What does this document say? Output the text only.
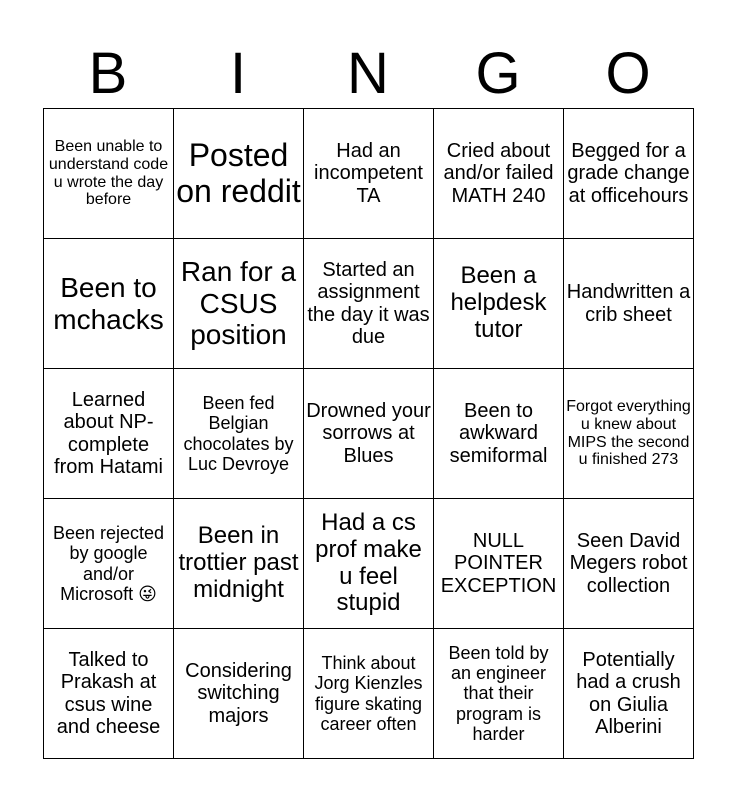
B	I	N	G	O
Been unable to understand code u wrote the day before	Posted on reddit	Had an incompetent TA	Cried about and/or failed MATH 240	Begged for a grade change at officehours
Been to mchacks	Ran for a CSUS position	Started an assignment the day it was due	Been a helpdesk tutor	Handwritten a crib sheet
Learned about NP-complete from Hatami	Been fed Belgian chocolates by Luc Devroye	Drowned your sorrows at Blues	Been to awkward semiformal	Forgot everything u knew about MIPS the second u finished 273
Been rejected by google and/or Microsoft 😜	Been in trottier past midnight	Had a cs prof make u feel stupid	NULL POINTER EXCEPTION	Seen David Megers robot collection
Talked to Prakash at csus wine and cheese	Considering switching majors	Think about Jorg Kienzles figure skating career often	Been told by an engineer that their program is harder	Potentially had a crush on Giulia Alberini
